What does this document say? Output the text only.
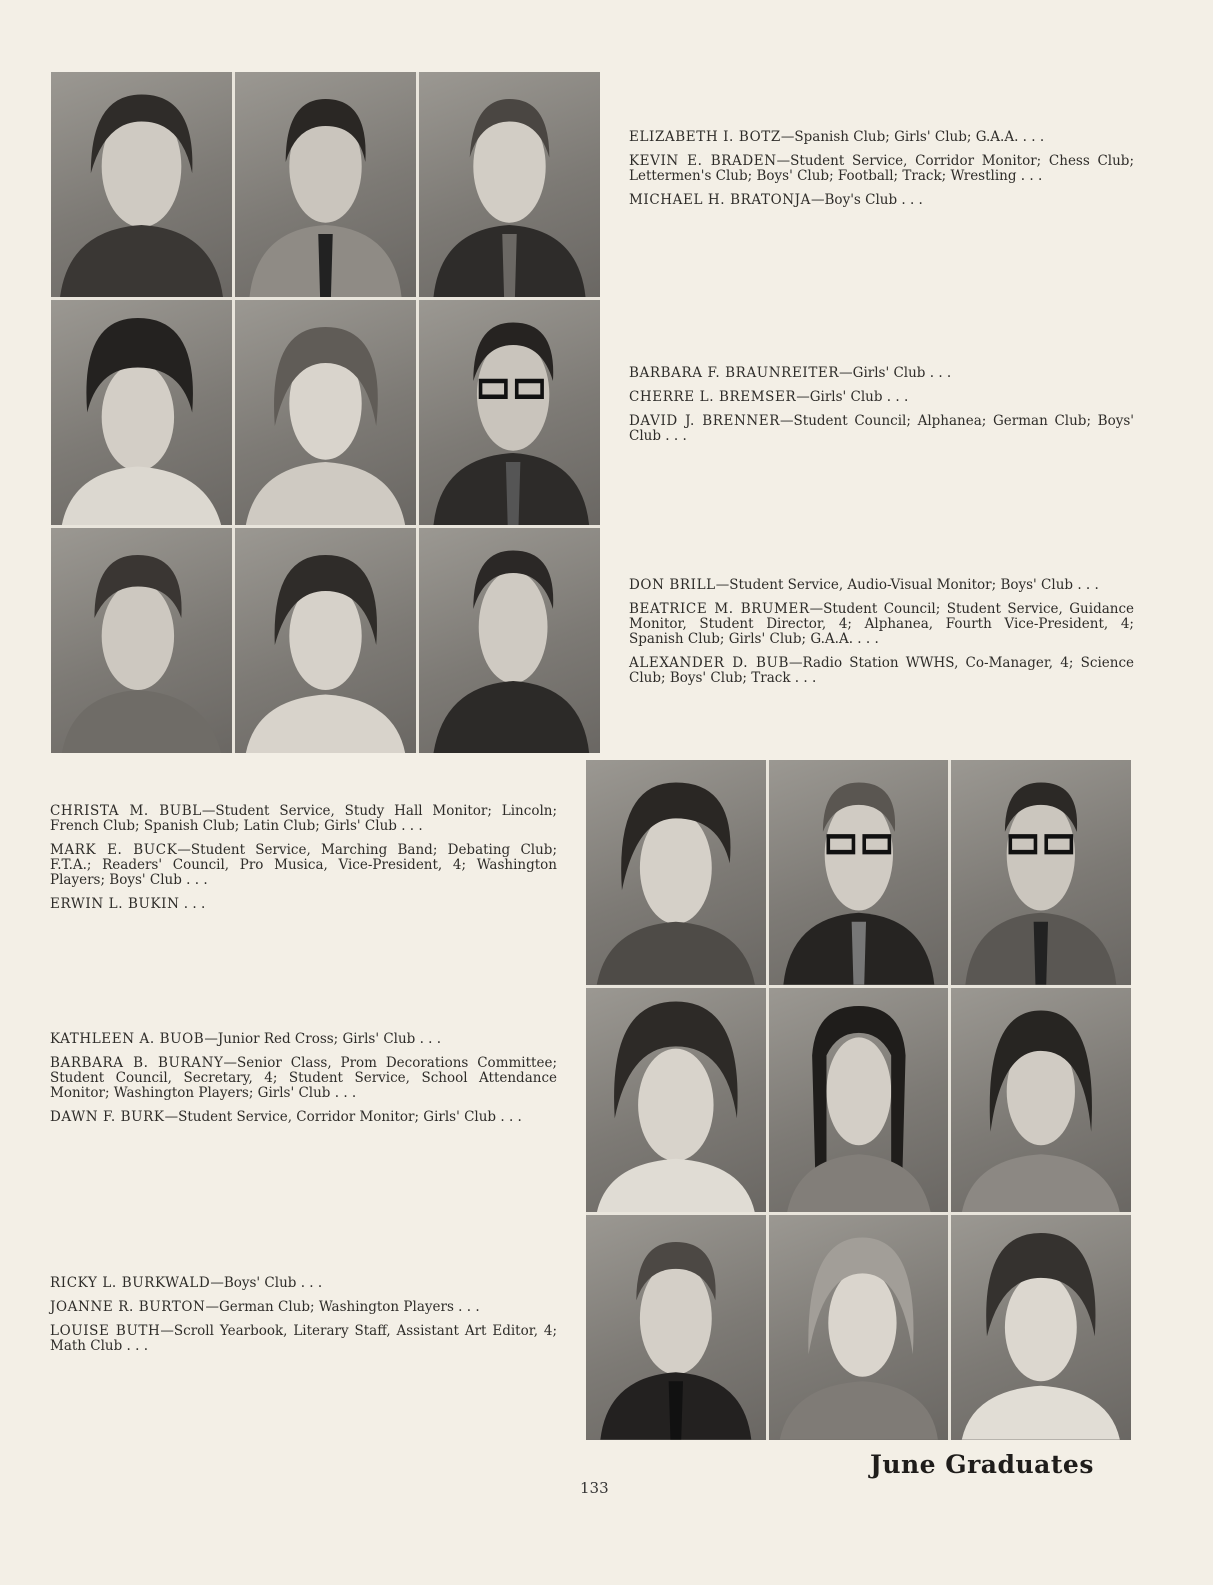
ELIZABETH I. BOTZ—Spanish Club; Girls' Club; G.A.A. . . .

KEVIN E. BRADEN—Student Service, Corridor Monitor; Chess Club; Lettermen's Club; Boys' Club; Football; Track; Wrestling . . .

MICHAEL H. BRATONJA—Boy's Club . . .

BARBARA F. BRAUNREITER—Girls' Club . . .

CHERRE L. BREMSER—Girls' Club . . .

DAVID J. BRENNER—Student Council; Alphanea; German Club; Boys' Club . . .

DON BRILL—Student Service, Audio-Visual Monitor; Boys' Club . . .

BEATRICE M. BRUMER—Student Council; Student Service, Guidance Monitor, Student Director, 4; Alphanea, Fourth Vice-President, 4; Spanish Club; Girls' Club; G.A.A. . . .

ALEXANDER D. BUB—Radio Station WWHS, Co-Manager, 4; Science Club; Boys' Club; Track . . .

CHRISTA M. BUBL—Student Service, Study Hall Monitor; Lincoln; French Club; Spanish Club; Latin Club; Girls' Club . . .

MARK E. BUCK—Student Service, Marching Band; Debating Club; F.T.A.; Readers' Council, Pro Musica, Vice-President, 4; Washington Players; Boys' Club . . .

ERWIN L. BUKIN . . .

KATHLEEN A. BUOB—Junior Red Cross; Girls' Club . . .

BARBARA B. BURANY—Senior Class, Prom Decorations Committee; Student Council, Secretary, 4; Student Service, School Attendance Monitor; Washington Players; Girls' Club . . .

DAWN F. BURK—Student Service, Corridor Monitor; Girls' Club . . .

RICKY L. BURKWALD—Boys' Club . . .

JOANNE R. BURTON—German Club; Washington Players . . .

LOUISE BUTH—Scroll Yearbook, Literary Staff, Assistant Art Editor, 4; Math Club . . .

133
June Graduates
